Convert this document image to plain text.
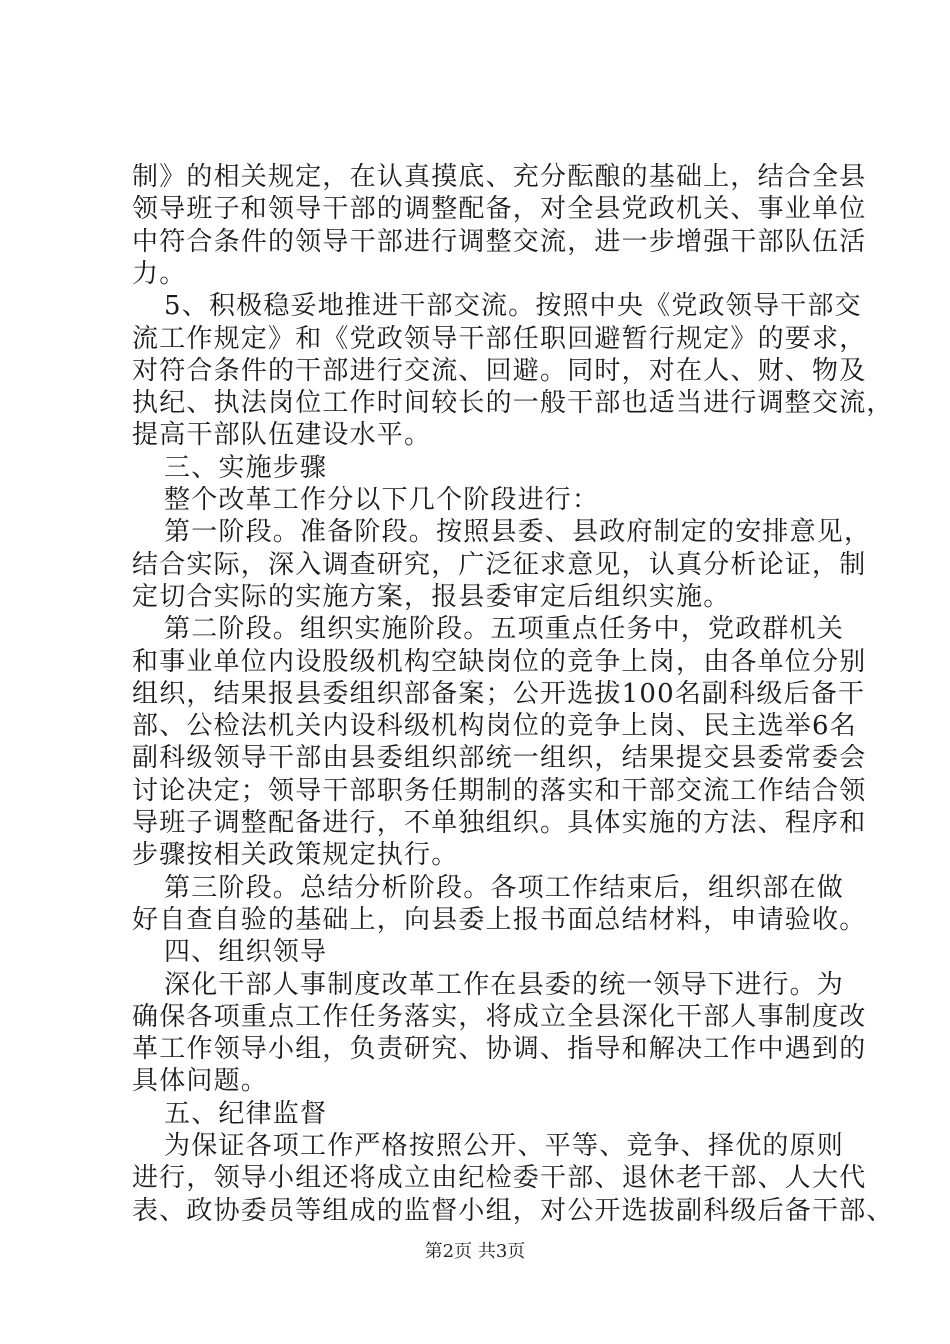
制》的相关规定，在认真摸底、充分酝酿的基础上，结合全县
领导班子和领导干部的调整配备，对全县党政机关、事业单位
中符合条件的领导干部进行调整交流，进一步增强干部队伍活
力。
5、积极稳妥地推进干部交流。按照中央《党政领导干部交
流工作规定》和《党政领导干部任职回避暂行规定》的要求，
对符合条件的干部进行交流、回避。同时，对在人、财、物及
执纪、执法岗位工作时间较长的一般干部也适当进行调整交流，
提高干部队伍建设水平。
三、实施步骤
整个改革工作分以下几个阶段进行：
第一阶段。准备阶段。按照县委、县政府制定的安排意见，
结合实际，深入调查研究，广泛征求意见，认真分析论证，制
定切合实际的实施方案，报县委审定后组织实施。
第二阶段。组织实施阶段。五项重点任务中，党政群机关
和事业单位内设股级机构空缺岗位的竞争上岗，由各单位分别
组织，结果报县委组织部备案；公开选拔100名副科级后备干
部、公检法机关内设科级机构岗位的竞争上岗、民主选举6名
副科级领导干部由县委组织部统一组织，结果提交县委常委会
讨论决定；领导干部职务任期制的落实和干部交流工作结合领
导班子调整配备进行，不单独组织。具体实施的方法、程序和
步骤按相关政策规定执行。
第三阶段。总结分析阶段。各项工作结束后，组织部在做
好自查自验的基础上，向县委上报书面总结材料，申请验收。
四、组织领导
深化干部人事制度改革工作在县委的统一领导下进行。为
确保各项重点工作任务落实，将成立全县深化干部人事制度改
革工作领导小组，负责研究、协调、指导和解决工作中遇到的
具体问题。
五、纪律监督
为保证各项工作严格按照公开、平等、竞争、择优的原则
进行，领导小组还将成立由纪检委干部、退休老干部、人大代
表、政协委员等组成的监督小组，对公开选拔副科级后备干部、
第2页 共3页
